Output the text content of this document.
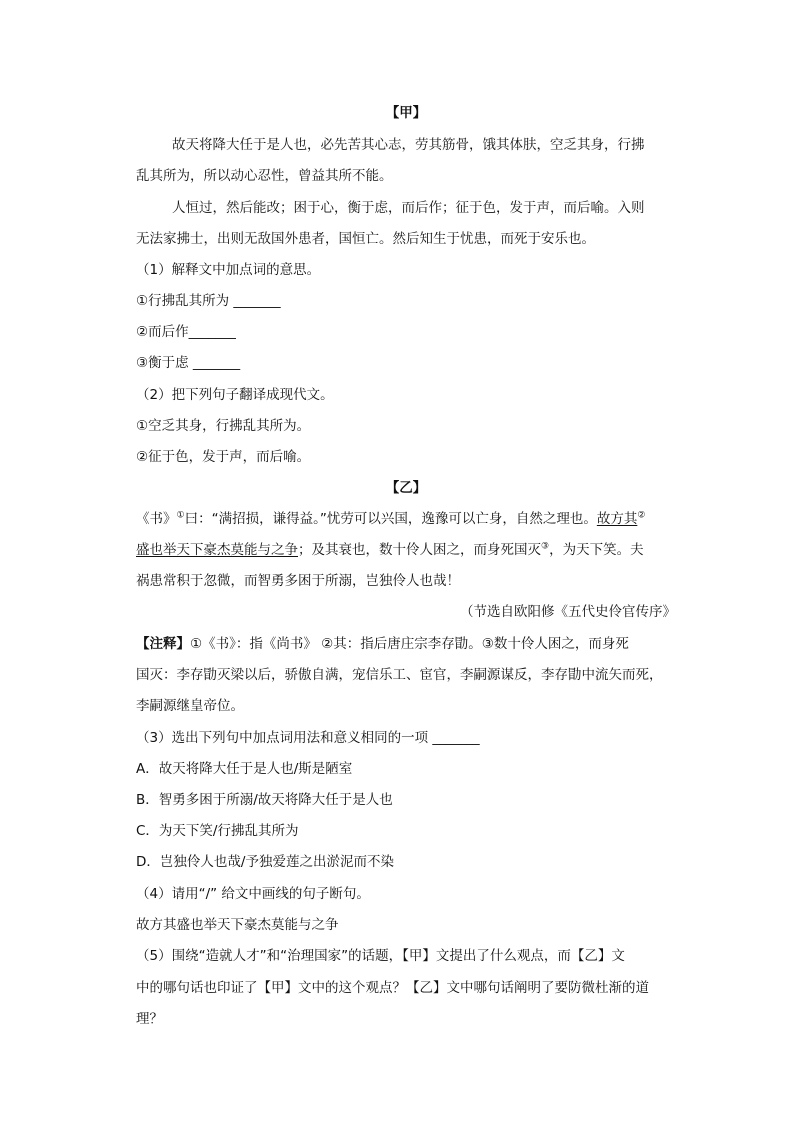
【甲】
故天将降大任于是人也，必先苦其心志，劳其筋骨，饿其体肤，空乏其身，行拂
乱其所为，所以动心忍性，曾益其所不能。
人恒过，然后能改；困于心，衡于虑，而后作；征于色，发于声，而后喻。入则
无法家拂士，出则无敌国外患者，国恒亡。然后知生于忧患，而死于安乐也。
（1）解释文中加点词的意思。
①行拂乱其所为 _______
②而后作_______
③衡于虑 _______
（2）把下列句子翻译成现代文。
①空乏其身，行拂乱其所为。
②征于色，发于声，而后喻。
【乙】
《书》①曰：“满招损，谦得益。”忧劳可以兴国，逸豫可以亡身，自然之理也。故方其②
盛也举天下豪杰莫能与之争；及其衰也，数十伶人困之，而身死国灭③，为天下笑。夫
祸患常积于忽微，而智勇多困于所溺，岂独伶人也哉！
（节选自欧阳修《五代史伶官传序》
【注释】①《书》：指《尚书》 ②其：指后唐庄宗李存勖。③数十伶人困之，而身死
国灭：李存勖灭梁以后，骄傲自满，宠信乐工、宦官，李嗣源谋反，李存勖中流矢而死，
李嗣源继皇帝位。
（3）选出下列句中加点词用法和意义相同的一项 _______
A．故天将降大任于是人也/斯是陋室
B．智勇多困于所溺/故天将降大任于是人也
C．为天下笑/行拂乱其所为
D．岂独伶人也哉/予独爱莲之出淤泥而不染
（4）请用“/” 给文中画线的句子断句。
故方其盛也举天下豪杰莫能与之争
（5）围绕“造就人才”和“治理国家”的话题，【甲】文提出了什么观点，而【乙】文
中的哪句话也印证了【甲】文中的这个观点？【乙】文中哪句话阐明了要防微杜渐的道
理？
